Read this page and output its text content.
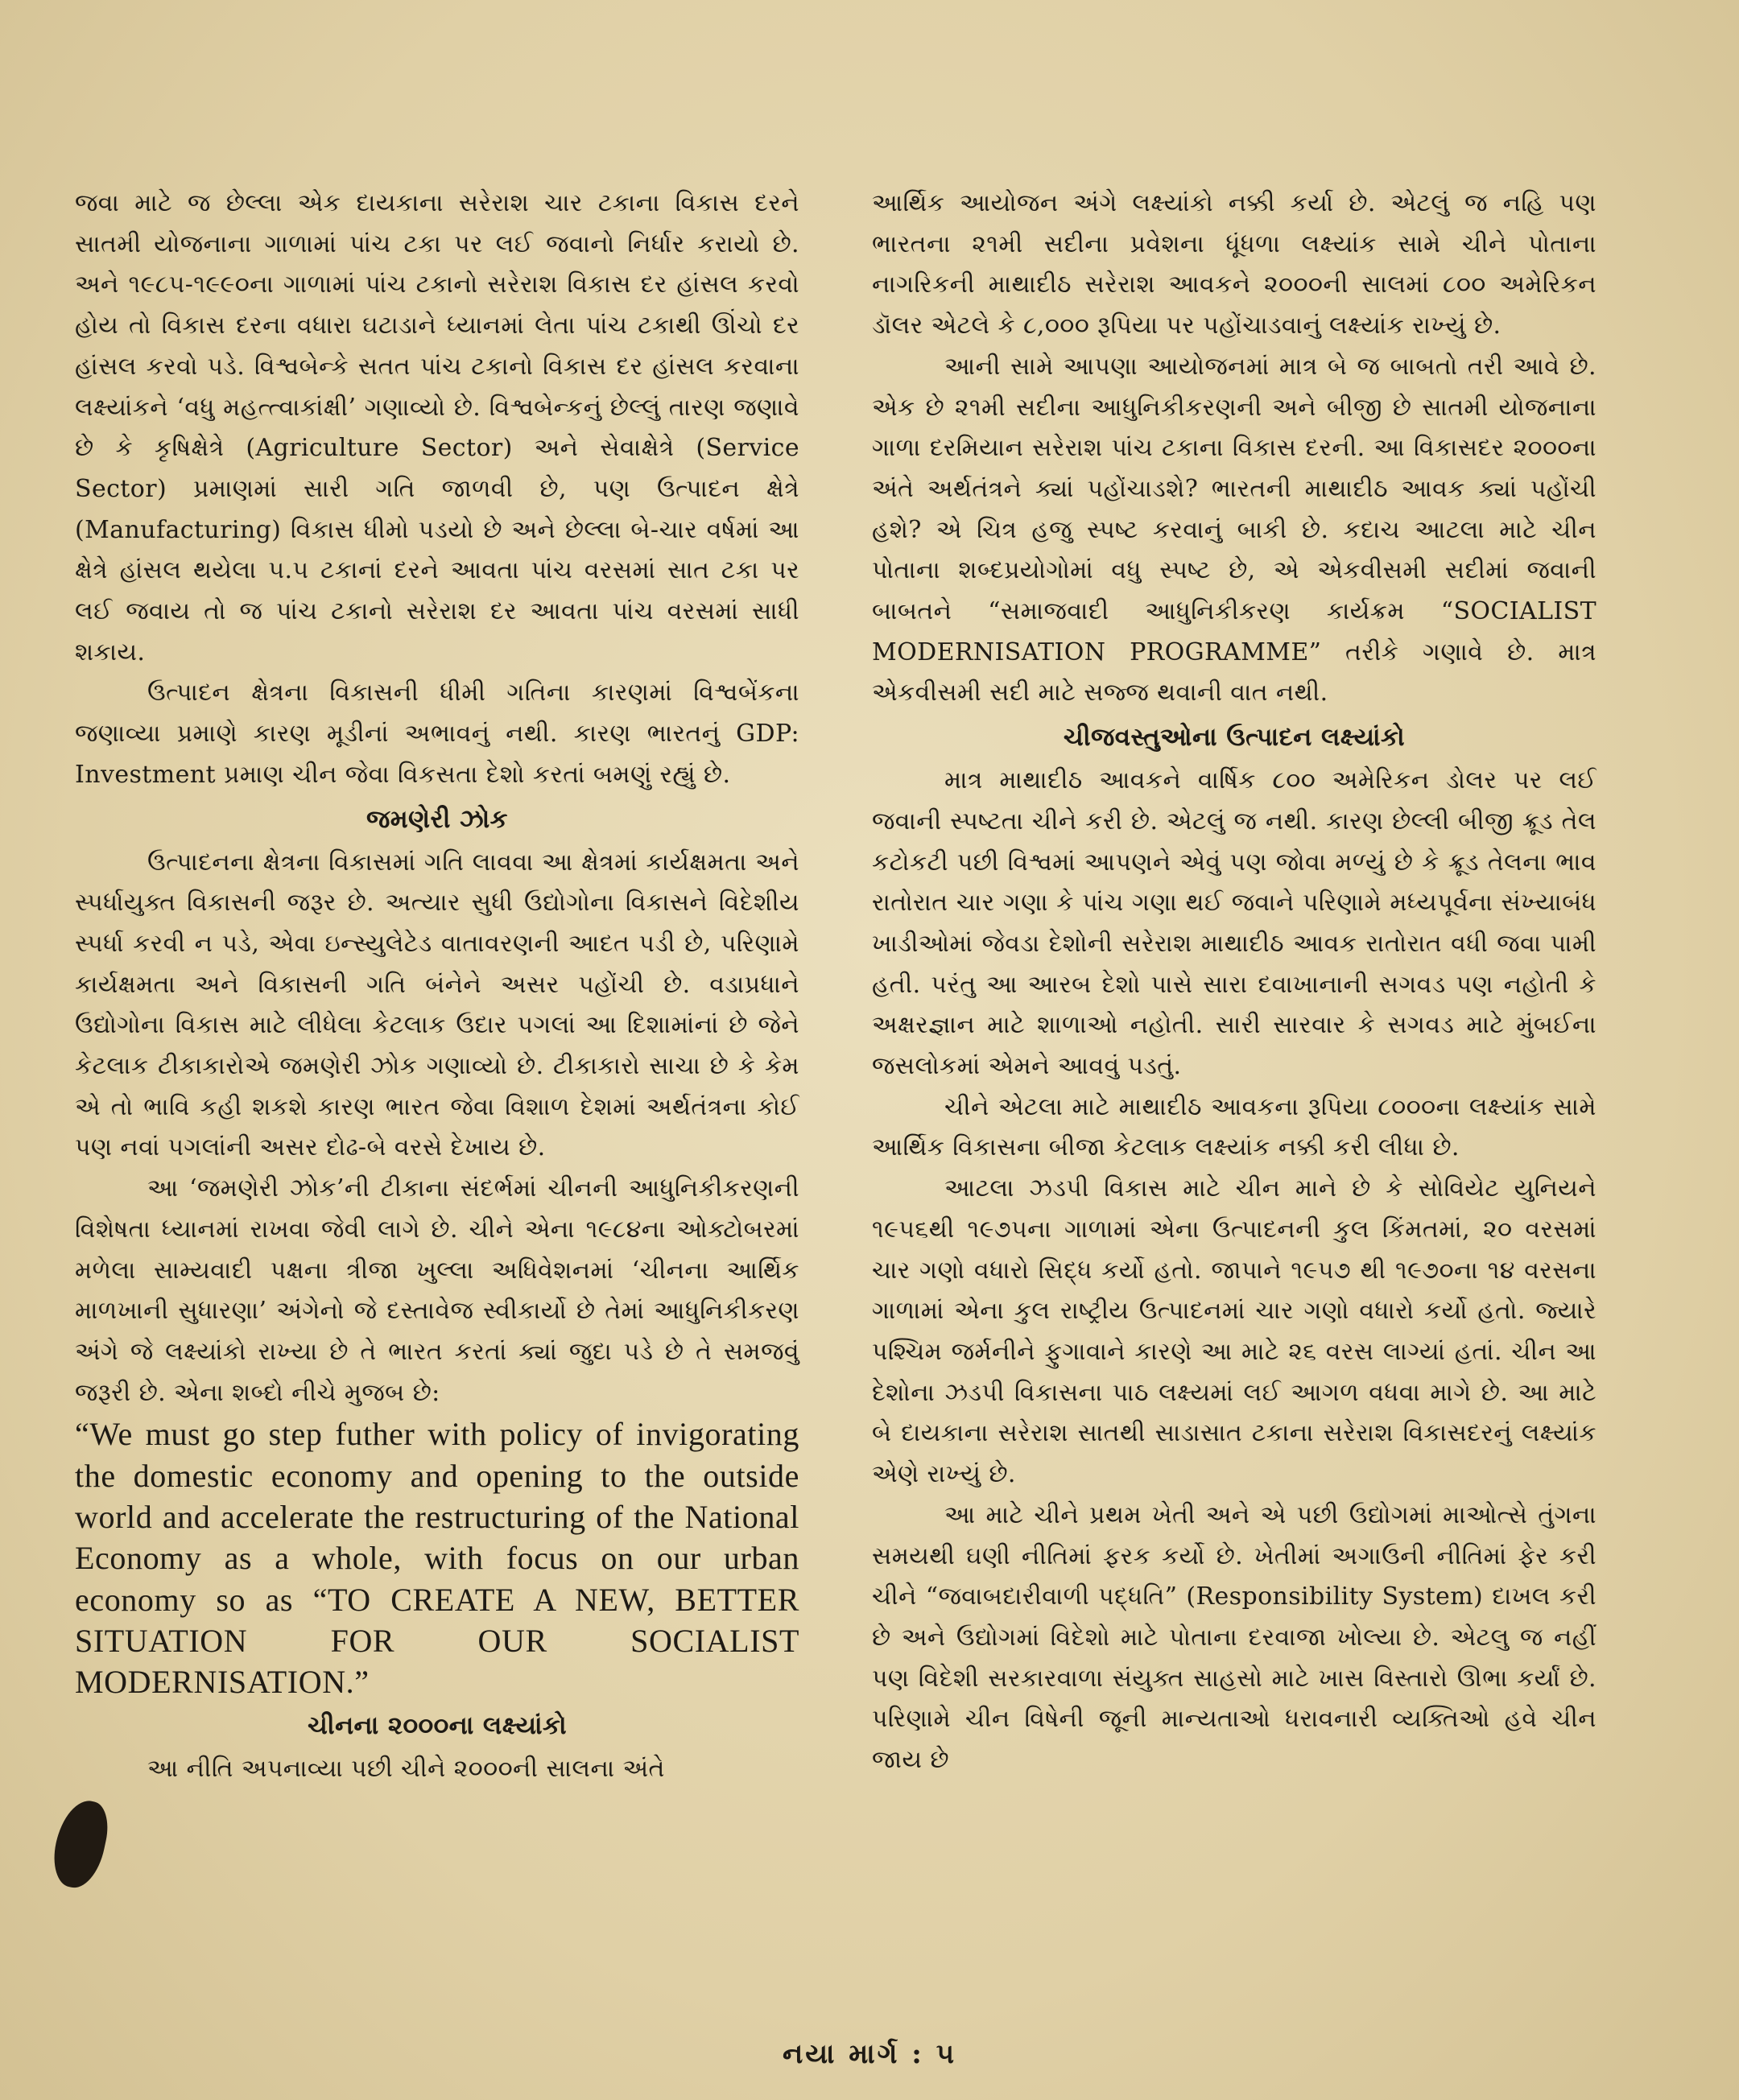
જવા માટે જ છેલ્લા એક દાયકાના સરેરાશ ચાર ટકાના વિકાસ દરને સાતમી યોજનાના ગાળામાં પાંચ ટકા પર લઈ જવાનો નિર્ધાર કરાયો છે. અને ૧૯૮૫-૧૯૯૦ના ગાળામાં પાંચ ટકાનો સરેરાશ વિકાસ દર હાંસલ કરવો હોય તો વિકાસ દરના વધારા ઘટાડાને ધ્યાનમાં લેતા પાંચ ટકાથી ઊંચો દર હાંસલ કરવો પડે. વિશ્વબેન્કે સતત પાંચ ટકાનો વિકાસ દર હાંસલ કરવાના લક્ષ્યાંકને ‘વધુ મહત્ત્વાકાંક્ષી’ ગણાવ્યો છે. વિશ્વબેન્કનું છેલ્લું તારણ જણાવે છે કે કૃષિક્ષેત્રે (Agriculture Sector) અને સેવાક્ષેત્રે (Service Sector) પ્રમાણમાં સારી ગતિ જાળવી છે, પણ ઉત્પાદન ક્ષેત્રે (Manufacturing) વિકાસ ધીમો પડયો છે અને છેલ્લા બે-ચાર વર્ષમાં આ ક્ષેત્રે હાંસલ થયેલા ૫.૫ ટકાનાં દરને આવતા પાંચ વરસમાં સાત ટકા પર લઈ જવાય તો જ પાંચ ટકાનો સરેરાશ દર આવતા પાંચ વરસમાં સાધી શકાય.

ઉત્પાદન ક્ષેત્રના વિકાસની ધીમી ગતિના કારણમાં વિશ્વબેંકના જણાવ્યા પ્રમાણે કારણ મૂડીનાં અભાવનું નથી. કારણ ભારતનું GDP: Investment પ્રમાણ ચીન જેવા વિકસતા દેશો કરતાં બમણું રહ્યું છે.

જમણેરી ઝોક

ઉત્પાદનના ક્ષેત્રના વિકાસમાં ગતિ લાવવા આ ક્ષેત્રમાં કાર્યક્ષમતા અને સ્પર્ધાયુક્ત વિકાસની જરૂર છે. અત્યાર સુધી ઉદ્યોગોના વિકાસને વિદેશીય સ્પર્ધા કરવી ન પડે, એવા ઇન્સ્યુલેટેડ વાતાવરણની આદત પડી છે, પરિણામે કાર્યક્ષમતા અને વિકાસની ગતિ બંનેને અસર પહોંચી છે. વડાપ્રધાને ઉદ્યોગોના વિકાસ માટે લીધેલા કેટલાક ઉદાર પગલાં આ દિશામાંનાં છે જેને કેટલાક ટીકાકારોએ જમણેરી ઝોક ગણાવ્યો છે. ટીકાકારો સાચા છે કે કેમ એ તો ભાવિ કહી શકશે કારણ ભારત જેવા વિશાળ દેશમાં અર્થતંત્રના કોઈ પણ નવાં પગલાંની અસર દોઢ-બે વરસે દેખાય છે.

આ ‘જમણેરી ઝોક’ની ટીકાના સંદર્ભમાં ચીનની આધુનિકીકરણની વિશેષતા ધ્યાનમાં રાખવા જેવી લાગે છે. ચીને એના ૧૯૮૪ના ઓક્ટોબરમાં મળેલા સામ્યવાદી પક્ષના ત્રીજા ખુલ્લા અધિવેશનમાં ‘ચીનના આર્થિક માળખાની સુધારણા’ અંગેનો જે દસ્તાવેજ સ્વીકાર્યો છે તેમાં આધુનિકીકરણ અંગે જે લક્ષ્યાંકો રાખ્યા છે તે ભારત કરતાં ક્યાં જુદા પડે છે તે સમજવું જરૂરી છે. એના શબ્દો નીચે મુજબ છે:

“We must go step futher with policy of invigorating the domestic economy and opening to the outside world and accelerate the restructuring of the National Economy as a whole, with focus on our urban economy so as “TO CREATE A NEW, BETTER SITUATION FOR OUR SOCIALIST MODERNISATION.”

ચીનના ૨૦૦૦ના લક્ષ્યાંકો

આ નીતિ અપનાવ્યા પછી ચીને ૨૦૦૦ની સાલના અંતે

આર્થિક આયોજન અંગે લક્ષ્યાંકો નક્કી કર્યા છે. એટલું જ નહિ પણ ભારતના ૨૧મી સદીના પ્રવેશના ધૂંધળા લક્ષ્યાંક સામે ચીને પોતાના નાગરિકની માથાદીઠ સરેરાશ આવકને ૨૦૦૦ની સાલમાં ૮૦૦ અમેરિકન ડૉલર એટલે કે ૮,૦૦૦ રૂપિયા પર પહોંચાડવાનું લક્ષ્યાંક રાખ્યું છે.

આની સામે આપણા આયોજનમાં માત્ર બે જ બાબતો તરી આવે છે. એક છે ૨૧મી સદીના આધુનિકીકરણની અને બીજી છે સાતમી યોજનાના ગાળા દરમિયાન સરેરાશ પાંચ ટકાના વિકાસ દરની. આ વિકાસદર ૨૦૦૦ના અંતે અર્થતંત્રને ક્યાં પહોંચાડશે? ભારતની માથાદીઠ આવક ક્યાં પહોંચી હશે? એ ચિત્ર હજુ સ્પષ્ટ કરવાનું બાકી છે. કદાચ આટલા માટે ચીન પોતાના શબ્દપ્રયોગોમાં વધુ સ્પષ્ટ છે, એ એકવીસમી સદીમાં જવાની બાબતને “સમાજવાદી આધુનિકીકરણ કાર્યક્રમ “SOCIALIST MODERNISATION PROGRAMME” તરીકે ગણાવે છે. માત્ર એકવીસમી સદી માટે સજ્જ થવાની વાત નથી.

ચીજવસ્તુઓના ઉત્પાદન લક્ષ્યાંકો

માત્ર માથાદીઠ આવકને વાર્ષિક ૮૦૦ અમેરિકન ડોલર પર લઈ જવાની સ્પષ્ટતા ચીને કરી છે. એટલું જ નથી. કારણ છેલ્લી બીજી ક્રૂડ તેલ કટોકટી પછી વિશ્વમાં આપણને એવું પણ જોવા મળ્યું છે કે ક્રૂડ તેલના ભાવ રાતોરાત ચાર ગણા કે પાંચ ગણા થઈ જવાને પરિણામે મધ્યપૂર્વના સંખ્યાબંધ ખાડીઓમાં જેવડા દેશોની સરેરાશ માથાદીઠ આવક રાતોરાત વધી જવા પામી હતી. પરંતુ આ આરબ દેશો પાસે સારા દવાખાનાની સગવડ પણ નહોતી કે અક્ષરજ્ઞાન માટે શાળાઓ નહોતી. સારી સારવાર કે સગવડ માટે મુંબઈના જસલોકમાં એમને આવવું પડતું.

ચીને એટલા માટે માથાદીઠ આવકના રૂપિયા ૮૦૦૦ના લક્ષ્યાંક સામે આર્થિક વિકાસના બીજા કેટલાક લક્ષ્યાંક નક્કી કરી લીધા છે.

આટલા ઝડપી વિકાસ માટે ચીન માને છે કે સોવિયેટ યુનિયને ૧૯૫૬થી ૧૯૭૫ના ગાળામાં એના ઉત્પાદનની કુલ કિંમતમાં, ૨૦ વરસમાં ચાર ગણો વધારો સિદ્ધ કર્યો હતો. જાપાને ૧૯૫૭ થી ૧૯૭૦ના ૧૪ વરસના ગાળામાં એના કુલ રાષ્ટ્રીય ઉત્પાદનમાં ચાર ગણો વધારો કર્યો હતો. જ્યારે પશ્ચિમ જર્મનીને ફુગાવાને કારણે આ માટે ૨૬ વરસ લાગ્યાં હતાં. ચીન આ દેશોના ઝડપી વિકાસના પાઠ લક્ષ્યમાં લઈ આગળ વધવા માગે છે. આ માટે બે દાયકાના સરેરાશ સાતથી સાડાસાત ટકાના સરેરાશ વિકાસદરનું લક્ષ્યાંક એણે રાખ્યું છે.

આ માટે ચીને પ્રથમ ખેતી અને એ પછી ઉદ્યોગમાં માઓત્સે તુંગના સમયથી ઘણી નીતિમાં ફરક કર્યો છે. ખેતીમાં અગાઉની નીતિમાં ફેર કરી ચીને “જવાબદારીવાળી પદ્ધતિ” (Responsibility System) દાખલ કરી છે અને ઉદ્યોગમાં વિદેશો માટે પોતાના દરવાજા ખોલ્યા છે. એટલુ જ નહીં પણ વિદેશી સરકારવાળા સંયુક્ત સાહસો માટે ખાસ વિસ્તારો ઊભા કર્યાં છે. પરિણામે ચીન વિષેની જૂની માન્યતાઓ ધરાવનારી વ્યક્તિઓ હવે ચીન જાય છે

નયા માર્ગ : ૫
